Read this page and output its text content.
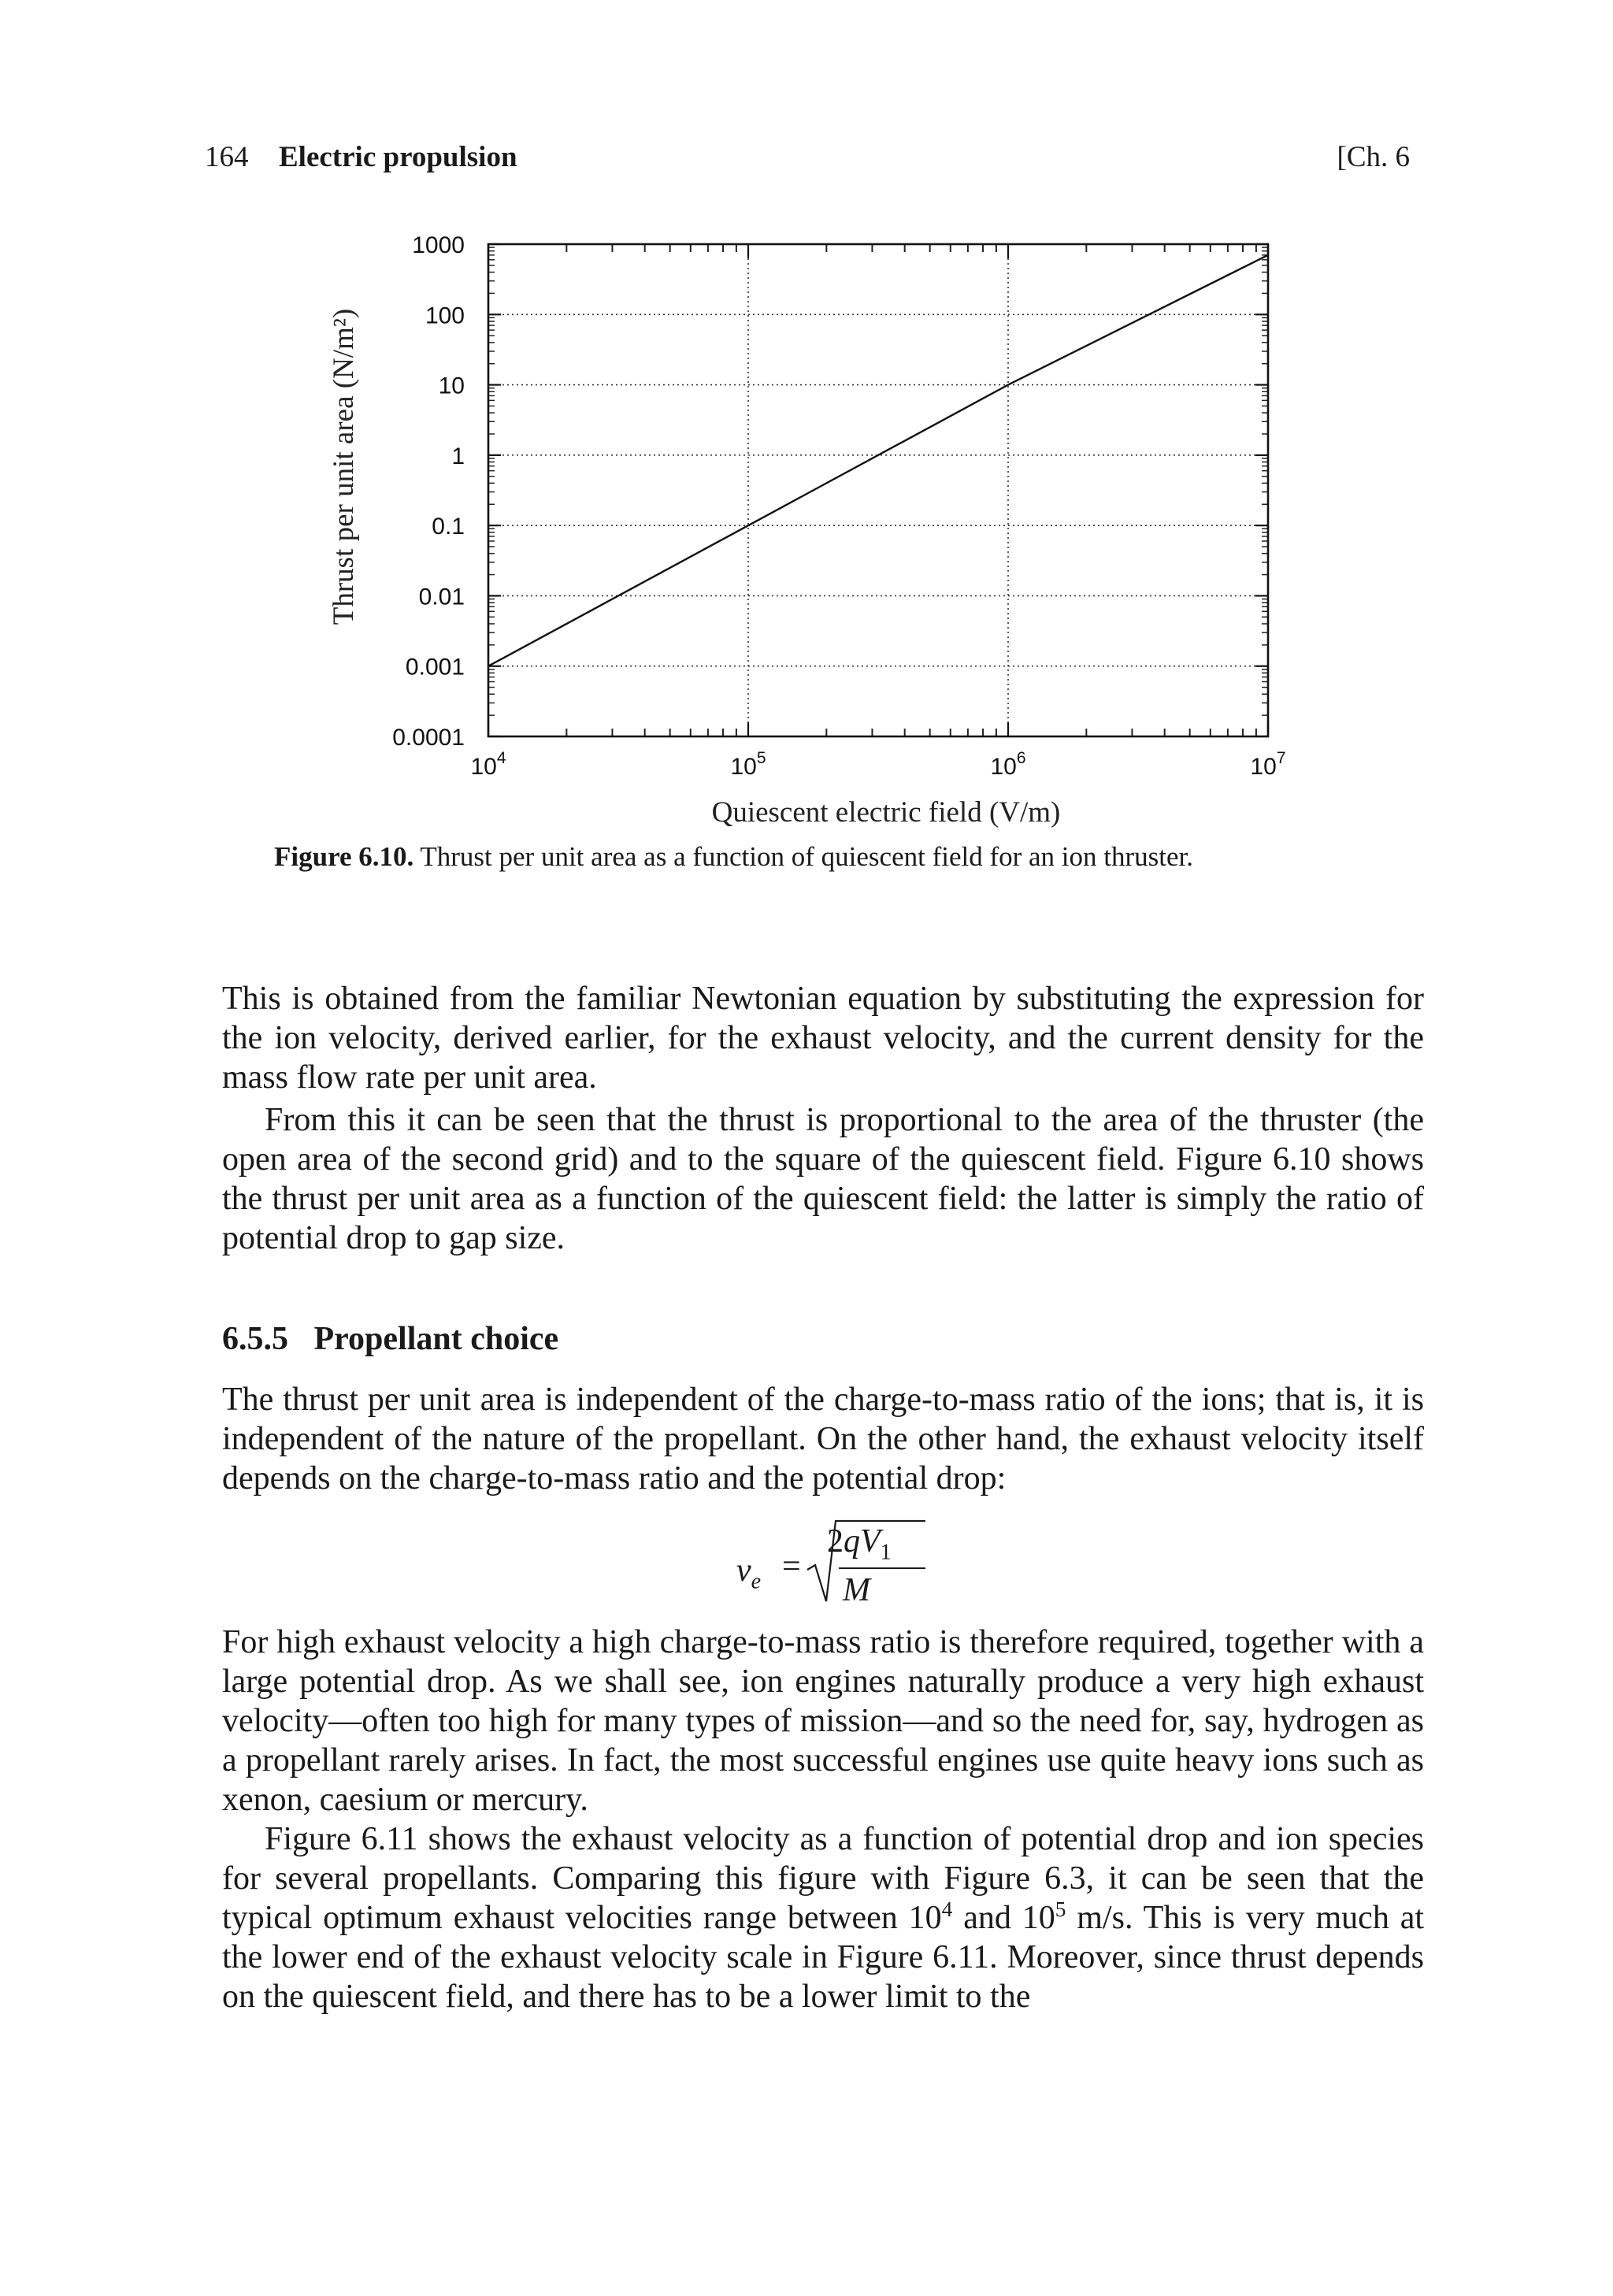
164 Electric propulsion	[Ch. 6
1000
100
10
1
0.1
0.01
0.001
0.0001
$10^4$	$10^5$	$10^6$	$10^7$
Quiescent electric field (V/m)
Thrust per unit area (N/m²)
Figure 6.10. Thrust per unit area as a function of quiescent field for an ion thruster.

This is obtained from the familiar Newtonian equation by substituting the expression for the ion velocity, derived earlier, for the exhaust velocity, and the current density for the mass flow rate per unit area.

From this it can be seen that the thrust is proportional to the area of the thruster (the open area of the second grid) and to the square of the quiescent field. Figure 6.10 shows the thrust per unit area as a function of the quiescent field: the latter is simply the ratio of potential drop to gap size.

6.5.5 Propellant choice

The thrust per unit area is independent of the charge-to-mass ratio of the ions; that is, it is independent of the nature of the propellant. On the other hand, the exhaust velocity itself depends on the charge-to-mass ratio and the potential drop:

$v_e$ =
$2qV_1$
M

For high exhaust velocity a high charge-to-mass ratio is therefore required, together with a large potential drop. As we shall see, ion engines naturally produce a very high exhaust velocity—often too high for many types of mission—and so the need for, say, hydrogen as a propellant rarely arises. In fact, the most successful engines use quite heavy ions such as xenon, caesium or mercury.

Figure 6.11 shows the exhaust velocity as a function of potential drop and ion species for several propellants. Comparing this figure with Figure 6.3, it can be seen that the typical optimum exhaust velocities range between $10^4$ and $10^5$ m/s. This is very much at the lower end of the exhaust velocity scale in Figure 6.11. Moreover, since thrust depends on the quiescent field, and there has to be a lower limit to the
